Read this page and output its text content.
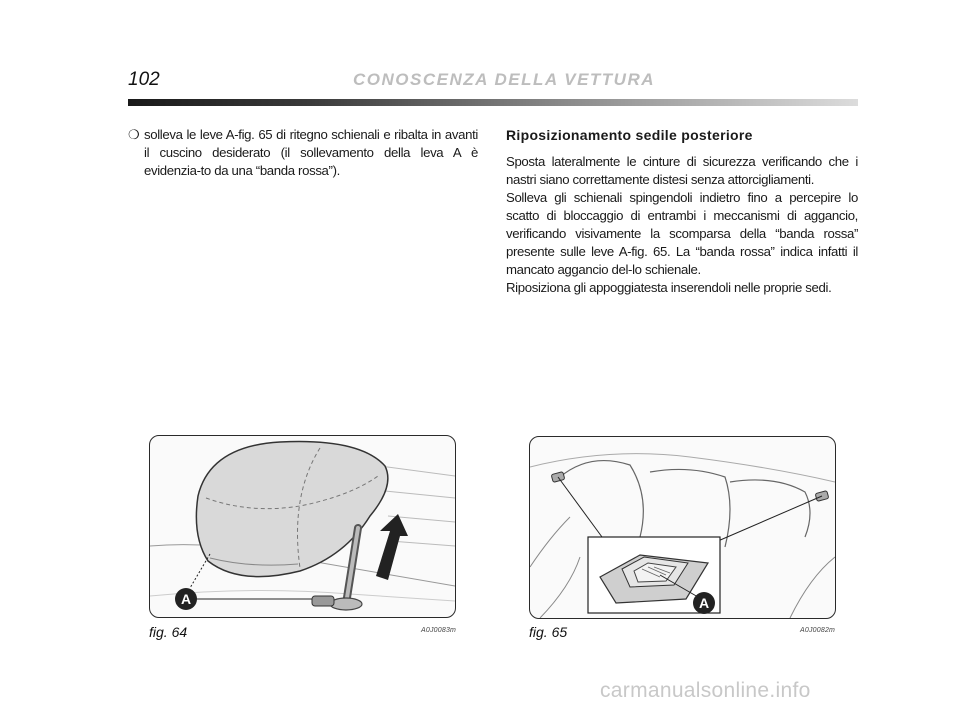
102	CONOSCENZA DELLA VETTURA
❍ solleva le leve A-fig. 65 di ritegno schienali e ribalta in avanti il cuscino desiderato (il sollevamento della leva A è evidenzia-to da una “banda rossa”).
Riposizionamento sedile posteriore

Sposta lateralmente le cinture di sicurezza verificando che i nastri siano correttamente distesi senza attorcigliamenti.

Solleva gli schienali spingendoli indietro fino a percepire lo scatto di bloccaggio di entrambi i meccanismi di aggancio, verificando visivamente la scomparsa della “banda rossa” presente sulle leve A-fig. 65. La “banda rossa” indica infatti il mancato aggancio del-lo schienale.

Riposiziona gli appoggiatesta inserendoli nelle proprie sedi.

A
fig. 64	A0J0083m
A
fig. 65	A0J0082m
carmanualsonline.info
